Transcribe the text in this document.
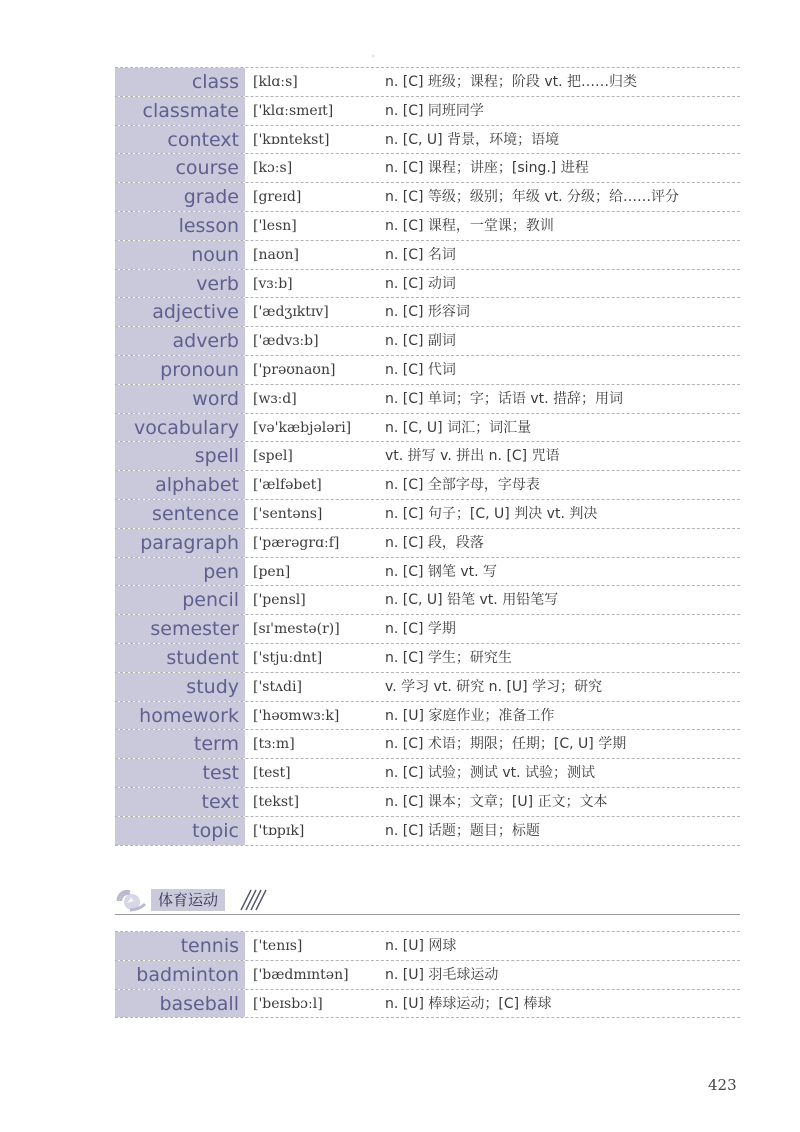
class	[klɑːs]	n. [C] 班级；课程；阶段 vt. 把……归类
classmate	['klɑːsmeɪt]	n. [C] 同班同学
context	['kɒntekst]	n. [C, U] 背景，环境；语境
course	[kɔːs]	n. [C] 课程；讲座；[sing.] 进程
grade	[greɪd]	n. [C] 等级；级别；年级 vt. 分级；给……评分
lesson	['lesn]	n. [C] 课程，一堂课；教训
noun	[naʊn]	n. [C] 名词
verb	[vɜːb]	n. [C] 动词
adjective	['ædʒɪktɪv]	n. [C] 形容词
adverb	['ædvɜːb]	n. [C] 副词
pronoun	['prəʊnaʊn]	n. [C] 代词
word	[wɜːd]	n. [C] 单词；字；话语 vt. 措辞；用词
vocabulary	[və'kæbjələri]	n. [C, U] 词汇；词汇量
spell	[spel]	vt. 拼写 v. 拼出 n. [C] 咒语
alphabet	['ælfəbet]	n. [C] 全部字母，字母表
sentence	['sentəns]	n. [C] 句子；[C, U] 判决 vt. 判决
paragraph	['pærəgrɑːf]	n. [C] 段，段落
pen	[pen]	n. [C] 钢笔 vt. 写
pencil	['pensl]	n. [C, U] 铅笔 vt. 用铅笔写
semester	[sɪ'mestə(r)]	n. [C] 学期
student	['stjuːdnt]	n. [C] 学生；研究生
study	['stʌdi]	v. 学习 vt. 研究 n. [U] 学习；研究
homework	['həʊmwɜːk]	n. [U] 家庭作业；准备工作
term	[tɜːm]	n. [C] 术语；期限；任期；[C, U] 学期
test	[test]	n. [C] 试验；测试 vt. 试验；测试
text	[tekst]	n. [C] 课本；文章；[U] 正文；文本
topic	['tɒpɪk]	n. [C] 话题；题目；标题
体育运动
tennis	['tenɪs]	n. [U] 网球
badminton	['bædmɪntən]	n. [U] 羽毛球运动
baseball	['beɪsbɔːl]	n. [U] 棒球运动；[C] 棒球
423
